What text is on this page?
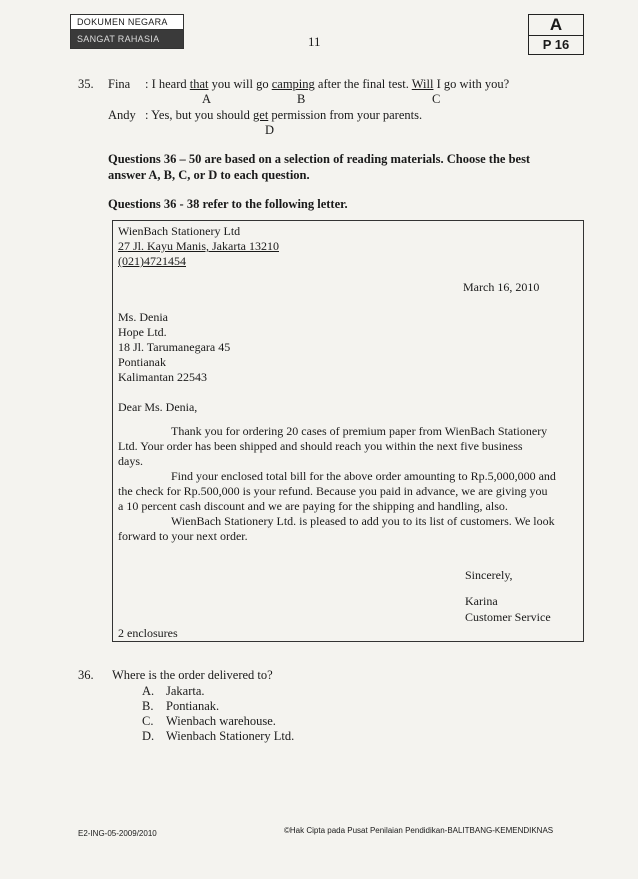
DOKUMEN NEGARA
SANGAT RAHASIA	11
A
P 16
35. Fina : I heard that you will go camping after the final test. Will I go with you?
A	B	C
Andy : Yes, but you should get permission from your parents.
D
Questions 36 – 50 are based on a selection of reading materials. Choose the best
answer A, B, C, or D to each question.
Questions 36 - 38 refer to the following letter.
WienBach Stationery Ltd
27 Jl. Kayu Manis, Jakarta 13210
(021)4721454
March 16, 2010
Ms. Denia
Hope Ltd.
18 Jl. Tarumanegara 45
Pontianak
Kalimantan 22543
Dear Ms. Denia,
Thank you for ordering 20 cases of premium paper from WienBach Stationery
Ltd. Your order has been shipped and should reach you within the next five business
days.
Find your enclosed total bill for the above order amounting to Rp.5,000,000 and
the check for Rp.500,000 is your refund. Because you paid in advance, we are giving you
a 10 percent cash discount and we are paying for the shipping and handling, also.
WienBach Stationery Ltd. is pleased to add you to its list of customers. We look
forward to your next order.
Sincerely,
Karina
Customer Service
2 enclosures
36. Where is the order delivered to?
A. Jakarta.
B. Pontianak.
C. Wienbach warehouse.
D. Wienbach Stationery Ltd.
E2-ING-05-2009/2010	©Hak Cipta pada Pusat Penilaian Pendidikan-BALITBANG-KEMENDIKNAS
